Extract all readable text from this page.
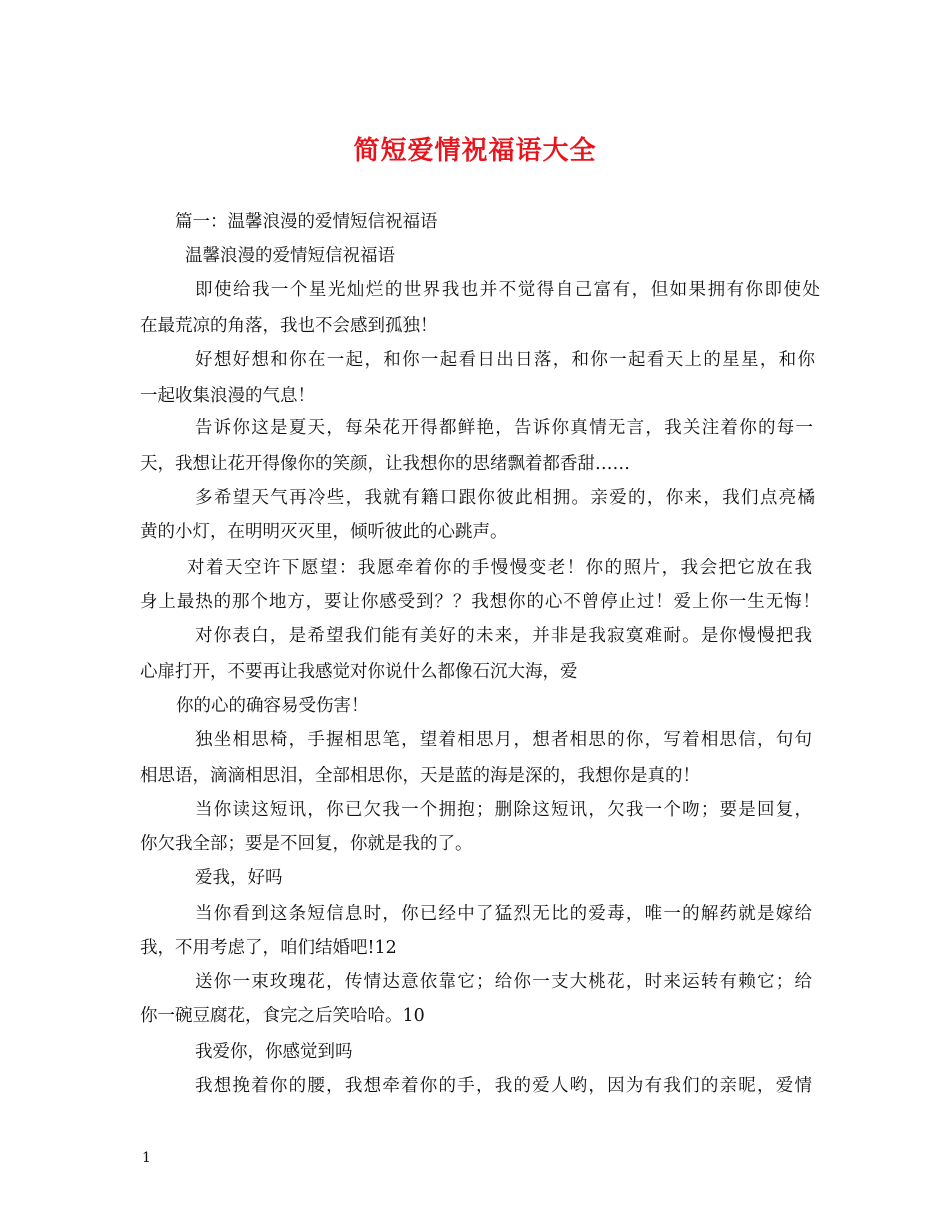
简短爱情祝福语大全
篇一：温馨浪漫的爱情短信祝福语
温馨浪漫的爱情短信祝福语
即使给我一个星光灿烂的世界我也并不觉得自己富有，但如果拥有你即使处
在最荒凉的角落，我也不会感到孤独！
好想好想和你在一起，和你一起看日出日落，和你一起看天上的星星，和你
一起收集浪漫的气息！
告诉你这是夏天，每朵花开得都鲜艳，告诉你真情无言，我关注着你的每一
天，我想让花开得像你的笑颜，让我想你的思绪飘着都香甜……
多希望天气再冷些，我就有籍口跟你彼此相拥。亲爱的，你来，我们点亮橘
黄的小灯，在明明灭灭里，倾听彼此的心跳声。
对着天空许下愿望：我愿牵着你的手慢慢变老！你的照片，我会把它放在我
身上最热的那个地方，要让你感受到？？我想你的心不曾停止过！爱上你一生无悔！
对你表白，是希望我们能有美好的未来，并非是我寂寞难耐。是你慢慢把我
心扉打开，不要再让我感觉对你说什么都像石沉大海，爱
你的心的确容易受伤害！
独坐相思椅，手握相思笔，望着相思月，想者相思的你，写着相思信，句句
相思语，滴滴相思泪，全部相思你，天是蓝的海是深的，我想你是真的！
当你读这短讯，你已欠我一个拥抱；删除这短讯，欠我一个吻；要是回复，
你欠我全部；要是不回复，你就是我的了。
爱我，好吗
当你看到这条短信息时，你已经中了猛烈无比的爱毒，唯一的解药就是嫁给
我，不用考虑了，咱们结婚吧!12
送你一束玫瑰花，传情达意依靠它；给你一支大桃花，时来运转有赖它；给
你一碗豆腐花，食完之后笑哈哈。10
我爱你，你感觉到吗
我想挽着你的腰，我想牵着你的手，我的爱人哟，因为有我们的亲昵，爱情
1
